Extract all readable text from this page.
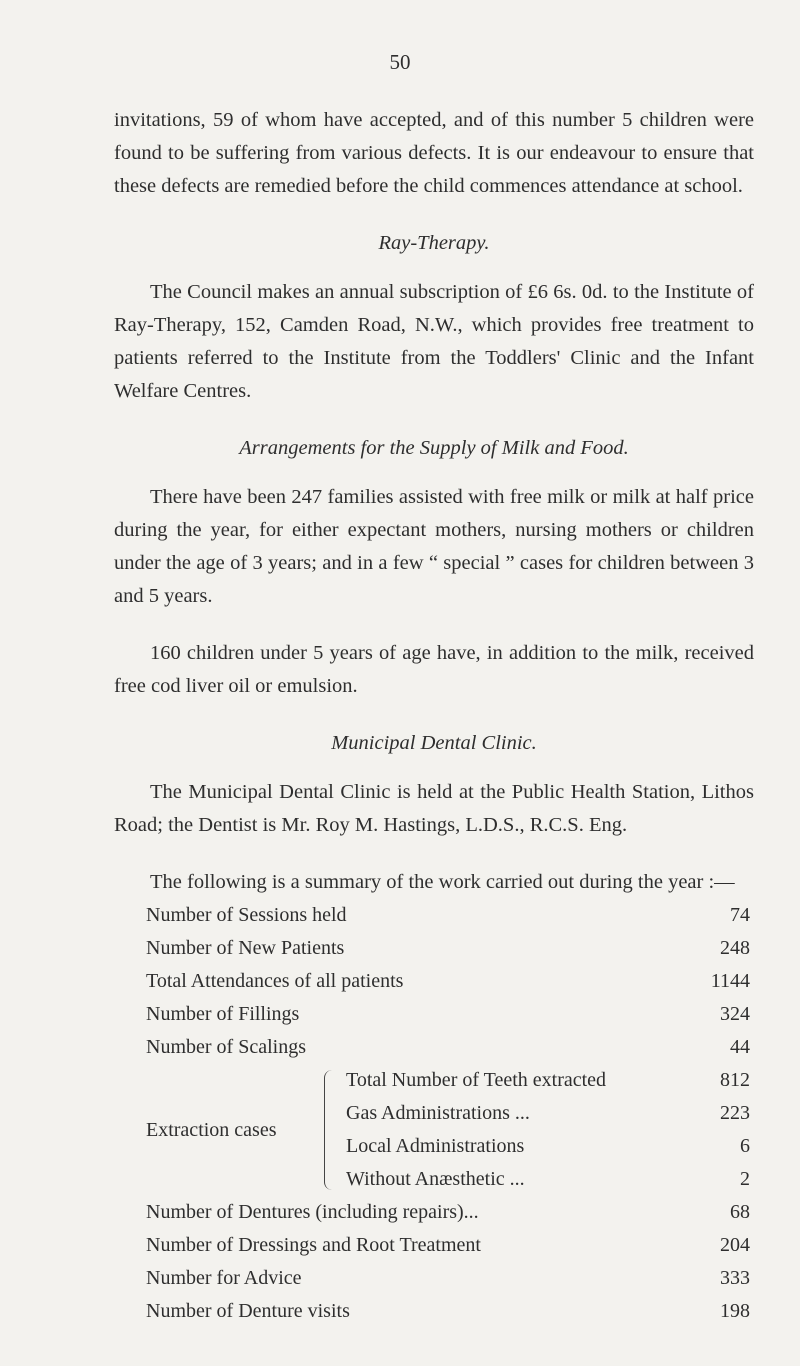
50

invitations, 59 of whom have accepted, and of this number 5 children were found to be suffering from various defects. It is our endeavour to ensure that these defects are remedied before the child commences attendance at school.

Ray-Therapy.

The Council makes an annual subscription of £6 6s. 0d. to the Institute of Ray-Therapy, 152, Camden Road, N.W., which provides free treatment to patients referred to the Institute from the Toddlers' Clinic and the Infant Welfare Centres.

Arrangements for the Supply of Milk and Food.

There have been 247 families assisted with free milk or milk at half price during the year, for either expectant mothers, nursing mothers or children under the age of 3 years; and in a few “ special ” cases for children between 3 and 5 years.

160 children under 5 years of age have, in addition to the milk, received free cod liver oil or emulsion.

Municipal Dental Clinic.

The Municipal Dental Clinic is held at the Public Health Station, Lithos Road; the Dentist is Mr. Roy M. Hastings, L.D.S., R.C.S. Eng.

The following is a summary of the work carried out during the year :—

Number of Sessions held	74
Number of New Patients	248
Total Attendances of all patients	1144
Number of Fillings	324
Number of Scalings	44
Extraction cases
Total Number of Teeth extracted	812
Gas Administrations ...	223
Local Administrations	6
Without Anæsthetic ...	2
Number of Dentures (including repairs)...	68
Number of Dressings and Root Treatment	204
Number for Advice	333
Number of Denture visits	198
